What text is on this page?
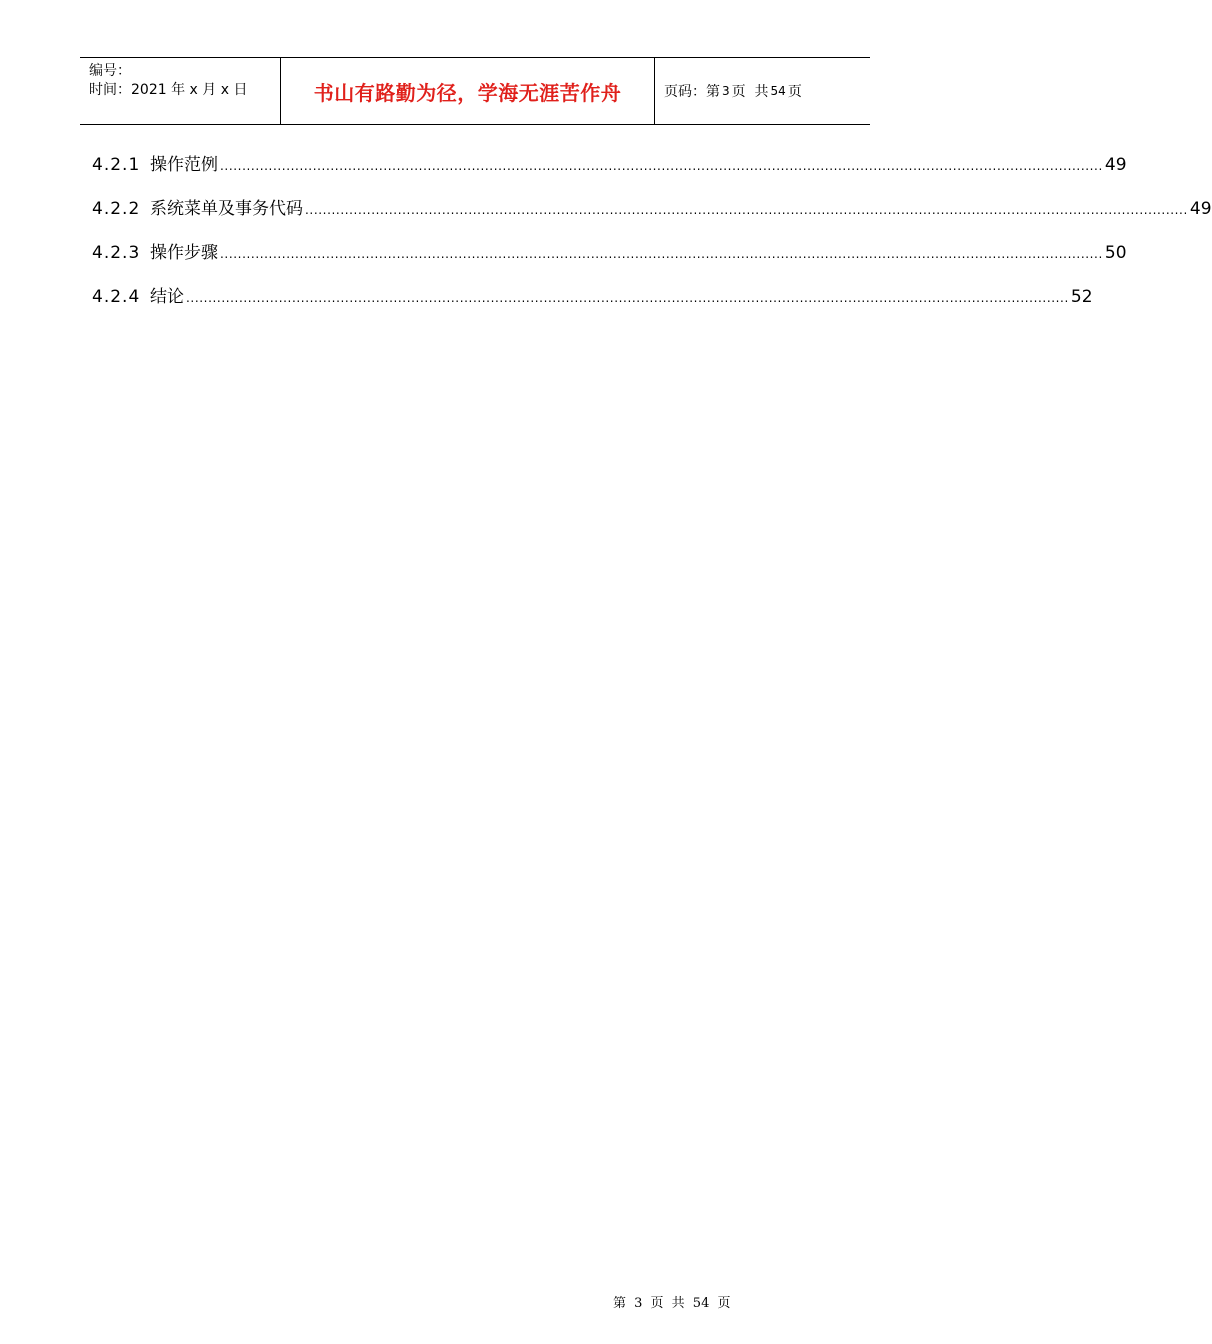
编号：
时间：2021 年 x 月 x 日	书山有路勤为径，学海无涯苦作舟	页码：第 3 页  共 54 页
4.2.1 操作范例 ........................................................................................................................................................................................................ 49
4.2.2 系统菜单及事务代码 ........................................................................................................................................................................................................ 49
4.2.3 操作步骤 ........................................................................................................................................................................................................ 50
4.2.4 结论 ........................................................................................................................................................................................................ 52
第 3 页 共 54 页
